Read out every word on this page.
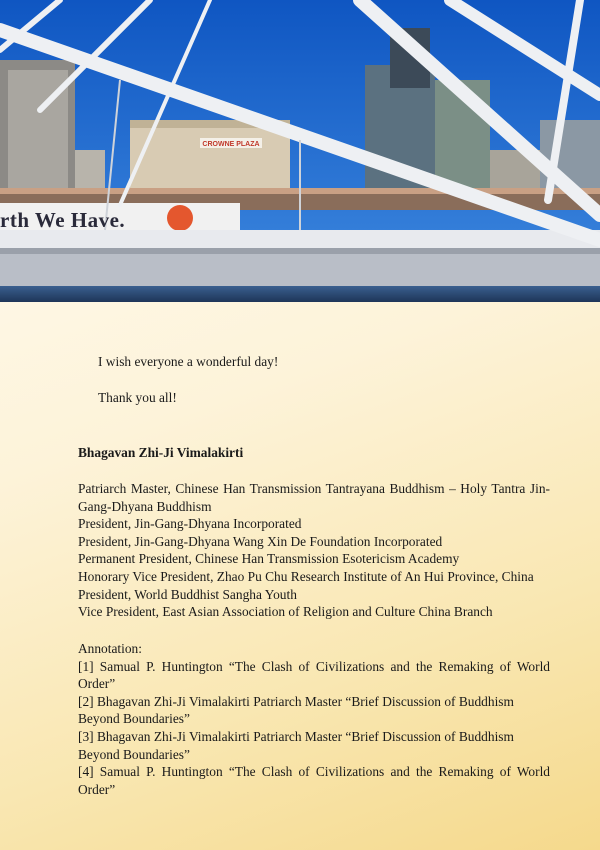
CROWNE PLAZA
rth We Have.
I wish everyone a wonderful day!
Thank you all!

Bhagavan Zhi-Ji Vimalakirti

Patriarch Master, Chinese Han Transmission Tantrayana Buddhism – Holy Tantra Jin-Gang-Dhyana Buddhism

President, Jin-Gang-Dhyana Incorporated

President, Jin-Gang-Dhyana Wang Xin De Foundation Incorporated

Permanent President, Chinese Han Transmission Esotericism Academy

Honorary Vice President, Zhao Pu Chu Research Institute of An Hui Province, China

President, World Buddhist Sangha Youth

Vice President, East Asian Association of Religion and Culture China Branch

Annotation:

[1] Samual P. Huntington “The Clash of Civilizations and the Remaking of World Order”

[2] Bhagavan Zhi-Ji Vimalakirti Patriarch Master “Brief Discussion of Buddhism Beyond Boundaries”

[3] Bhagavan Zhi-Ji Vimalakirti Patriarch Master “Brief Discussion of Buddhism Beyond Boundaries”

[4] Samual P. Huntington “The Clash of Civilizations and the Remaking of World Order”
